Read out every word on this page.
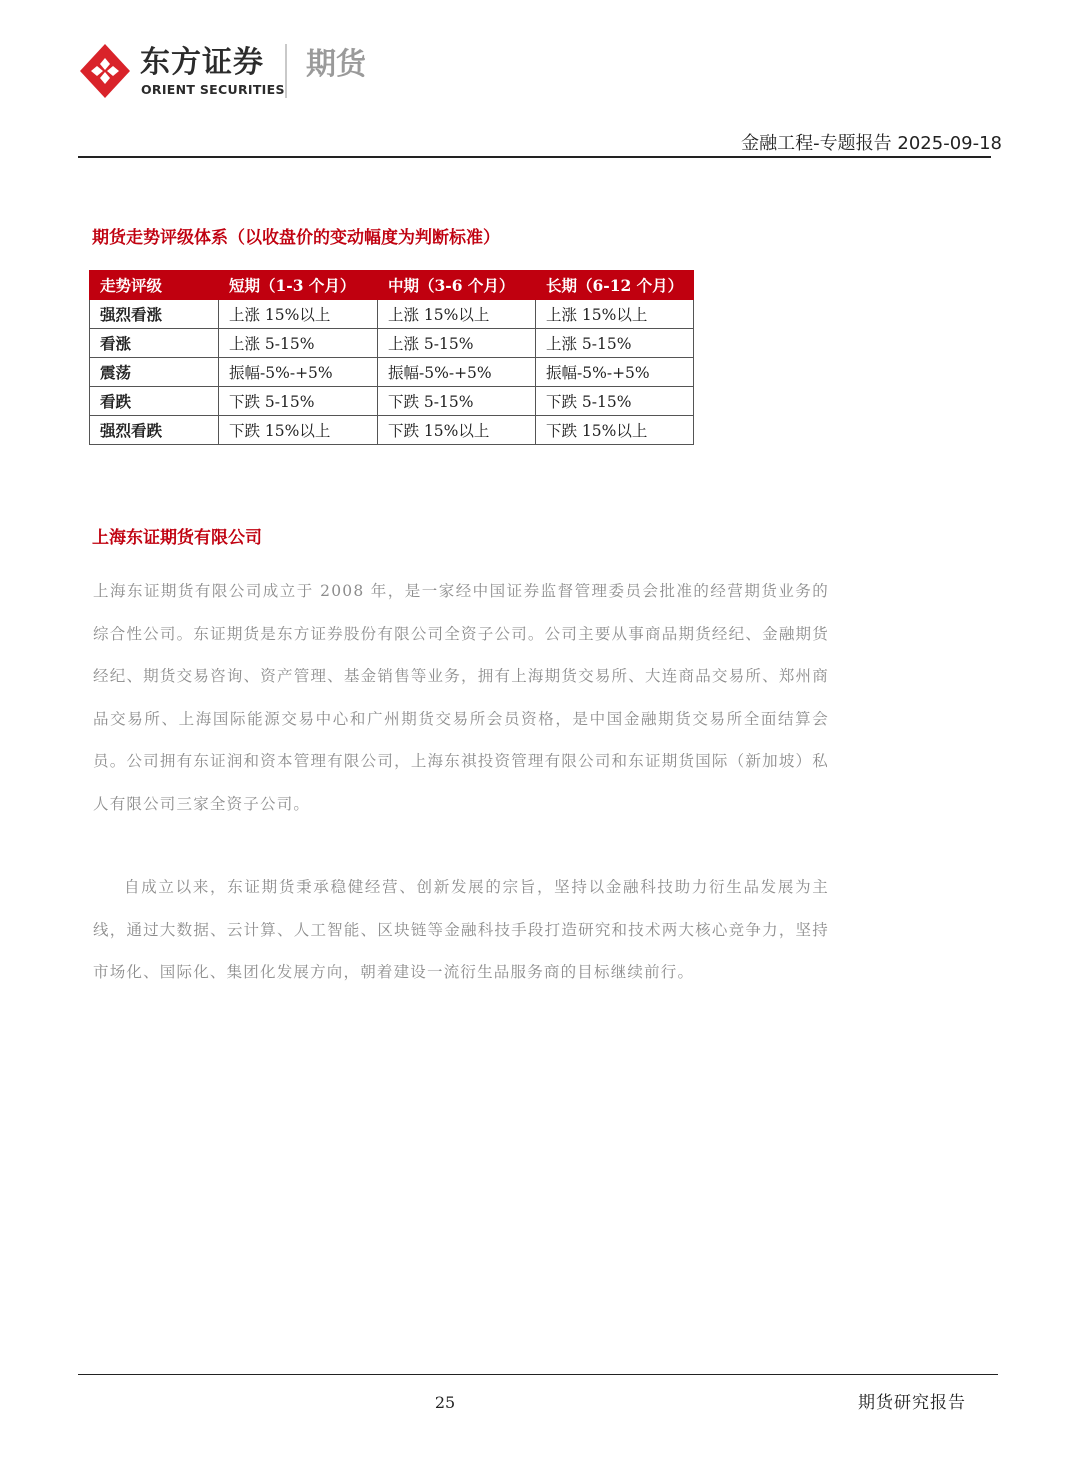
东方证券
ORIENT SECURITIES
期货
金融工程-专题报告 2025-09-18
期货走势评级体系（以收盘价的变动幅度为判断标准）
走势评级	短期（1-3 个月）	中期（3-6 个月）	长期（6-12 个月）
强烈看涨	上涨 15%以上	上涨 15%以上	上涨 15%以上
看涨	上涨 5-15%	上涨 5-15%	上涨 5-15%
震荡	振幅-5%-+5%	振幅-5%-+5%	振幅-5%-+5%
看跌	下跌 5-15%	下跌 5-15%	下跌 5-15%
强烈看跌	下跌 15%以上	下跌 15%以上	下跌 15%以上
上海东证期货有限公司
上海东证期货有限公司成立于 2008 年，是一家经中国证券监督管理委员会批准的经营期货业务的综合性公司。东证期货是东方证券股份有限公司全资子公司。公司主要从事商品期货经纪、金融期货经纪、期货交易咨询、资产管理、基金销售等业务，拥有上海期货交易所、大连商品交易所、郑州商品交易所、上海国际能源交易中心和广州期货交易所会员资格，是中国金融期货交易所全面结算会员。公司拥有东证润和资本管理有限公司，上海东祺投资管理有限公司和东证期货国际（新加坡）私人有限公司三家全资子公司。
自成立以来，东证期货秉承稳健经营、创新发展的宗旨，坚持以金融科技助力衍生品发展为主线，通过大数据、云计算、人工智能、区块链等金融科技手段打造研究和技术两大核心竞争力，坚持市场化、国际化、集团化发展方向，朝着建设一流衍生品服务商的目标继续前行。
25	期货研究报告
